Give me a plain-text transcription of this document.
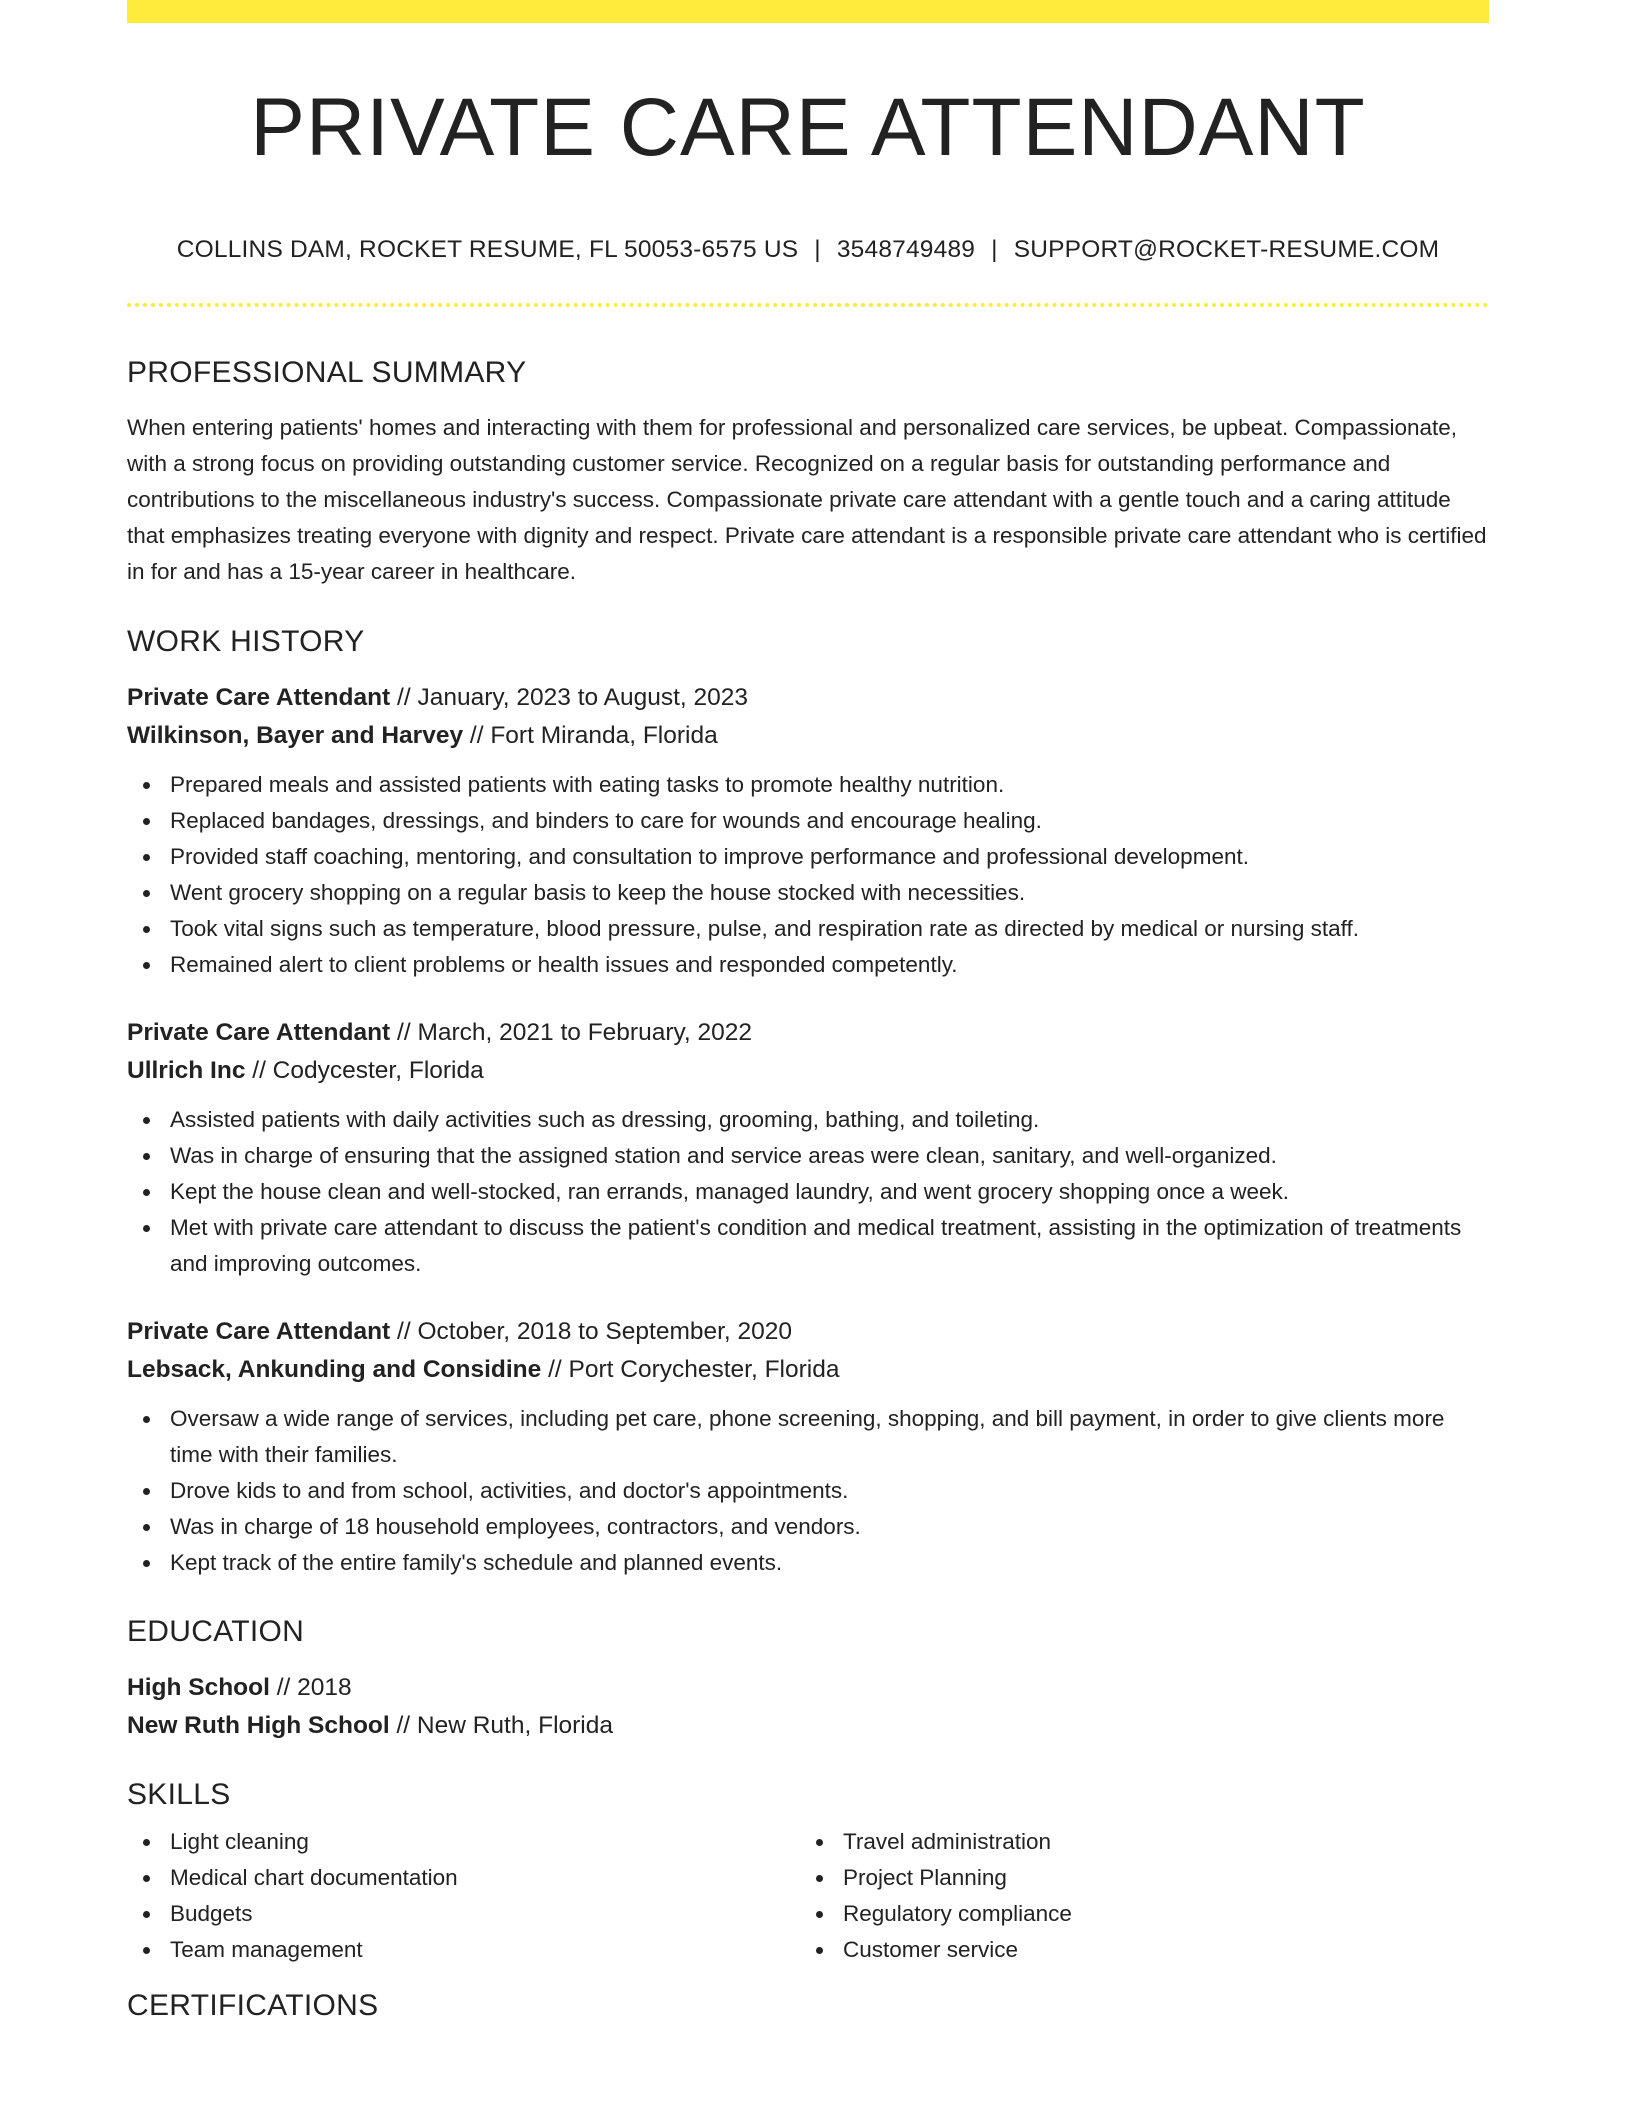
PRIVATE CARE ATTENDANT
COLLINS DAM, ROCKET RESUME, FL 50053-6575 US | 3548749489 | SUPPORT@ROCKET-RESUME.COM
PROFESSIONAL SUMMARY
When entering patients' homes and interacting with them for professional and personalized care services, be upbeat. Compassionate, with a strong focus on providing outstanding customer service. Recognized on a regular basis for outstanding performance and contributions to the miscellaneous industry's success. Compassionate private care attendant with a gentle touch and a caring attitude that emphasizes treating everyone with dignity and respect. Private care attendant is a responsible private care attendant who is certified in for and has a 15-year career in healthcare.
WORK HISTORY
Private Care Attendant // January, 2023 to August, 2023
Wilkinson, Bayer and Harvey // Fort Miranda, Florida
Prepared meals and assisted patients with eating tasks to promote healthy nutrition.
Replaced bandages, dressings, and binders to care for wounds and encourage healing.
Provided staff coaching, mentoring, and consultation to improve performance and professional development.
Went grocery shopping on a regular basis to keep the house stocked with necessities.
Took vital signs such as temperature, blood pressure, pulse, and respiration rate as directed by medical or nursing staff.
Remained alert to client problems or health issues and responded competently.
Private Care Attendant // March, 2021 to February, 2022
Ullrich Inc // Codycester, Florida
Assisted patients with daily activities such as dressing, grooming, bathing, and toileting.
Was in charge of ensuring that the assigned station and service areas were clean, sanitary, and well-organized.
Kept the house clean and well-stocked, ran errands, managed laundry, and went grocery shopping once a week.
Met with private care attendant to discuss the patient's condition and medical treatment, assisting in the optimization of treatments and improving outcomes.
Private Care Attendant // October, 2018 to September, 2020
Lebsack, Ankunding and Considine // Port Corychester, Florida
Oversaw a wide range of services, including pet care, phone screening, shopping, and bill payment, in order to give clients more time with their families.
Drove kids to and from school, activities, and doctor's appointments.
Was in charge of 18 household employees, contractors, and vendors.
Kept track of the entire family's schedule and planned events.
EDUCATION
High School // 2018
New Ruth High School // New Ruth, Florida
SKILLS
Light cleaning
Medical chart documentation
Budgets
Team management
Travel administration
Project Planning
Regulatory compliance
Customer service
CERTIFICATIONS
